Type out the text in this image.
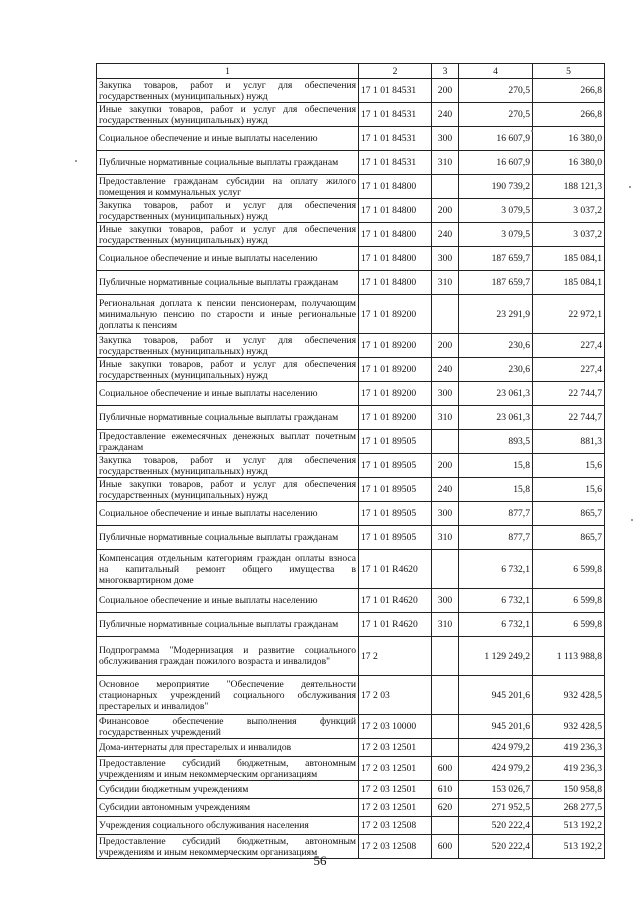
1	2	3	4	5
Закупка товаров, работ и услуг для обеспечения государственных (муниципальных) нужд	17 1 01 84531	200	270,5	266,8
Иные закупки товаров, работ и услуг для обеспечения государственных (муниципальных) нужд	17 1 01 84531	240	270,5	266,8
Социальное обеспечение и иные выплаты населению	17 1 01 84531	300	16 607,9	16 380,0
Публичные нормативные социальные выплаты гражданам	17 1 01 84531	310	16 607,9	16 380,0
Предоставление гражданам субсидии на оплату жилого помещения и коммунальных услуг	17 1 01 84800		190 739,2	188 121,3
Закупка товаров, работ и услуг для обеспечения государственных (муниципальных) нужд	17 1 01 84800	200	3 079,5	3 037,2
Иные закупки товаров, работ и услуг для обеспечения государственных (муниципальных) нужд	17 1 01 84800	240	3 079,5	3 037,2
Социальное обеспечение и иные выплаты населению	17 1 01 84800	300	187 659,7	185 084,1
Публичные нормативные социальные выплаты гражданам	17 1 01 84800	310	187 659,7	185 084,1
Региональная доплата к пенсии пенсионерам, получающим минимальную пенсию по старости и иные региональные доплаты к пенсиям	17 1 01 89200		23 291,9	22 972,1
Закупка товаров, работ и услуг для обеспечения государственных (муниципальных) нужд	17 1 01 89200	200	230,6	227,4
Иные закупки товаров, работ и услуг для обеспечения государственных (муниципальных) нужд	17 1 01 89200	240	230,6	227,4
Социальное обеспечение и иные выплаты населению	17 1 01 89200	300	23 061,3	22 744,7
Публичные нормативные социальные выплаты гражданам	17 1 01 89200	310	23 061,3	22 744,7
Предоставление ежемесячных денежных выплат почетным гражданам	17 1 01 89505		893,5	881,3
Закупка товаров, работ и услуг для обеспечения государственных (муниципальных) нужд	17 1 01 89505	200	15,8	15,6
Иные закупки товаров, работ и услуг для обеспечения государственных (муниципальных) нужд	17 1 01 89505	240	15,8	15,6
Социальное обеспечение и иные выплаты населению	17 1 01 89505	300	877,7	865,7
Публичные нормативные социальные выплаты гражданам	17 1 01 89505	310	877,7	865,7
Компенсация отдельным категориям граждан оплаты взноса на капитальный ремонт общего имущества в многоквартирном доме	17 1 01 R4620		6 732,1	6 599,8
Социальное обеспечение и иные выплаты населению	17 1 01 R4620	300	6 732,1	6 599,8
Публичные нормативные социальные выплаты гражданам	17 1 01 R4620	310	6 732,1	6 599,8
Подпрограмма "Модернизация и развитие социального обслуживания граждан пожилого возраста и инвалидов"	17 2		1 129 249,2	1 113 988,8
Основное мероприятие "Обеспечение деятельности стационарных учреждений социального обслуживания престарелых и инвалидов"	17 2 03		945 201,6	932 428,5
Финансовое обеспечение выполнения функций государственных учреждений	17 2 03 10000		945 201,6	932 428,5
Дома-интернаты для престарелых и инвалидов	17 2 03 12501		424 979,2	419 236,3
Предоставление субсидий бюджетным, автономным учреждениям и иным некоммерческим организациям	17 2 03 12501	600	424 979,2	419 236,3
Субсидии бюджетным учреждениям	17 2 03 12501	610	153 026,7	150 958,8
Субсидии автономным учреждениям	17 2 03 12501	620	271 952,5	268 277,5
Учреждения социального обслуживания населения	17 2 03 12508		520 222,4	513 192,2
Предоставление субсидий бюджетным, автономным учреждениям и иным некоммерческим организациям	17 2 03 12508	600	520 222,4	513 192,2
56
